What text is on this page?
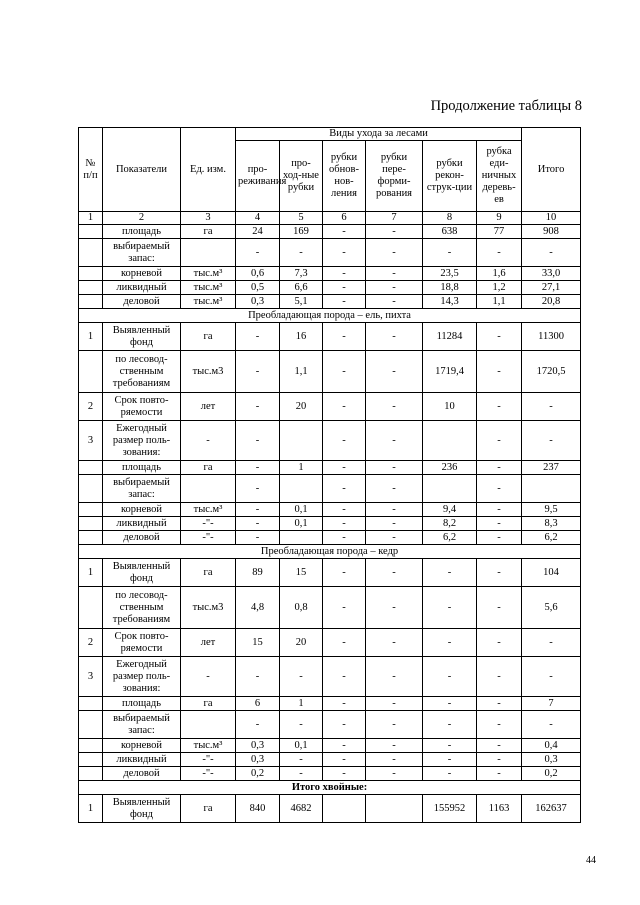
Продолжение таблицы 8
№ п/п	Показатели	Ед. изм.	Виды ухода за лесами						Итого
			про-реживания	про-ход-ные рубки	рубки обнов-нов-ления	рубки пере-форми-рования	рубки рекон-струк-ции	рубка еди-ничных деревь-ев	
1	2	3	4	5	6	7	8	9	10
	площадь	га	24	169	-	-	638	77	908
	выбираемый запас:		-	-	-	-	-	-	-
	корневой	тыс.м³	0,6	7,3	-	-	23,5	1,6	33,0
	ликвидный	тыс.м³	0,5	6,6	-	-	18,8	1,2	27,1
	деловой	тыс.м³	0,3	5,1	-	-	14,3	1,1	20,8
Преобладающая порода – ель, пихта									
1	Выявленный фонд	га	-	16	-	-	11284	-	11300
	по лесовод-ственным требованиям	тыс.м3	-	1,1	-	-	1719,4	-	1720,5
2	Срок повто-ряемости	лет	-	20	-	-	10	-	-
3	Ежегодный размер поль-зования:	-	-		-	-		-	-
	площадь	га	-	1	-	-	236	-	237
	выбираемый запас:		-		-	-		-	
	корневой	тыс.м³	-	0,1	-	-	9,4	-	9,5
	ликвидный	-"-	-	0,1	-	-	8,2	-	8,3
	деловой	-"-	-		-	-	6,2	-	6,2
Преобладающая порода – кедр									
1	Выявленный фонд	га	89	15	-	-	-	-	104
	по лесовод-ственным требованиям	тыс.м3	4,8	0,8	-	-	-	-	5,6
2	Срок повто-ряемости	лет	15	20	-	-	-	-	-
3	Ежегодный размер поль-зования:	-	-	-	-	-	-	-	-
	площадь	га	6	1	-	-	-	-	7
	выбираемый запас:		-	-	-	-	-	-	-
	корневой	тыс.м³	0,3	0,1	-	-	-	-	0,4
	ликвидный	-"-	0,3	-	-	-	-	-	0,3
	деловой	-"-	0,2	-	-	-	-	-	0,2
Итого хвойные:									
1	Выявленный фонд	га	840	4682			155952	1163	162637
44
